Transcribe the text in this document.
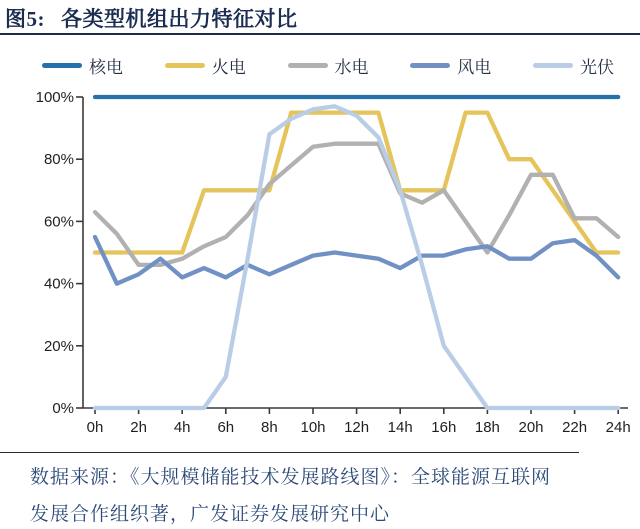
图5: 各类型机组出力特征对比
核电	火电	水电	风电	光伏
0%
20%
40%
60%
80%
100%
0h 2h 4h 6h 8h 10h 12h 14h 16h 18h 20h 22h 24h
数据来源：《大规模储能技术发展路线图》：全球能源互联网
发展合作组织著，广发证券发展研究中心
